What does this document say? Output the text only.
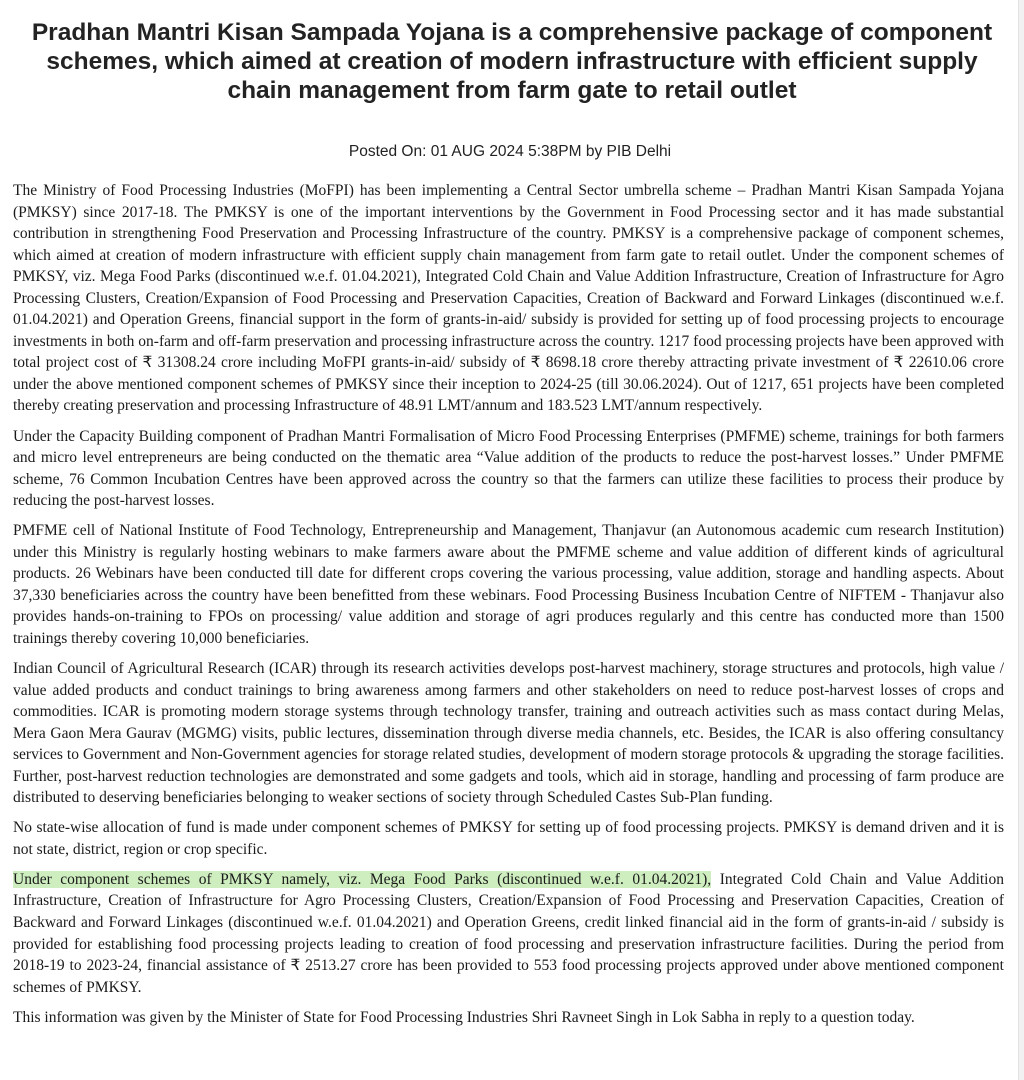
Pradhan Mantri Kisan Sampada Yojana is a comprehensive package of component schemes, which aimed at creation of modern infrastructure with efficient supply chain management from farm gate to retail outlet
Posted On: 01 AUG 2024 5:38PM by PIB Delhi

The Ministry of Food Processing Industries (MoFPI) has been implementing a Central Sector umbrella scheme – Pradhan Mantri Kisan Sampada Yojana (PMKSY) since 2017-18. The PMKSY is one of the important interventions by the Government in Food Processing sector and it has made substantial contribution in strengthening Food Preservation and Processing Infrastructure of the country. PMKSY is a comprehensive package of component schemes, which aimed at creation of modern infrastructure with efficient supply chain management from farm gate to retail outlet. Under the component schemes of PMKSY, viz. Mega Food Parks (discontinued w.e.f. 01.04.2021), Integrated Cold Chain and Value Addition Infrastructure, Creation of Infrastructure for Agro Processing Clusters, Creation/Expansion of Food Processing and Preservation Capacities, Creation of Backward and Forward Linkages (discontinued w.e.f. 01.04.2021) and Operation Greens, financial support in the form of grants-in-aid/ subsidy is provided for setting up of food processing projects to encourage investments in both on-farm and off-farm preservation and processing infrastructure across the country. 1217 food processing projects have been approved with total project cost of ₹ 31308.24 crore including MoFPI grants-in-aid/ subsidy of ₹ 8698.18 crore thereby attracting private investment of ₹ 22610.06 crore under the above mentioned component schemes of PMKSY since their inception to 2024-25 (till 30.06.2024). Out of 1217, 651 projects have been completed thereby creating preservation and processing Infrastructure of 48.91 LMT/annum and 183.523 LMT/annum respectively.

Under the Capacity Building component of Pradhan Mantri Formalisation of Micro Food Processing Enterprises (PMFME) scheme, trainings for both farmers and micro level entrepreneurs are being conducted on the thematic area “Value addition of the products to reduce the post-harvest losses.” Under PMFME scheme, 76 Common Incubation Centres have been approved across the country so that the farmers can utilize these facilities to process their produce by reducing the post-harvest losses.

PMFME cell of National Institute of Food Technology, Entrepreneurship and Management, Thanjavur (an Autonomous academic cum research Institution) under this Ministry is regularly hosting webinars to make farmers aware about the PMFME scheme and value addition of different kinds of agricultural products. 26 Webinars have been conducted till date for different crops covering the various processing, value addition, storage and handling aspects. About 37,330 beneficiaries across the country have been benefitted from these webinars. Food Processing Business Incubation Centre of NIFTEM - Thanjavur also provides hands-on-training to FPOs on processing/ value addition and storage of agri produces regularly and this centre has conducted more than 1500 trainings thereby covering 10,000 beneficiaries.

Indian Council of Agricultural Research (ICAR) through its research activities develops post-harvest machinery, storage structures and protocols, high value / value added products and conduct trainings to bring awareness among farmers and other stakeholders on need to reduce post-harvest losses of crops and commodities. ICAR is promoting modern storage systems through technology transfer, training and outreach activities such as mass contact during Melas, Mera Gaon Mera Gaurav (MGMG) visits, public lectures, dissemination through diverse media channels, etc. Besides, the ICAR is also offering consultancy services to Government and Non-Government agencies for storage related studies, development of modern storage protocols & upgrading the storage facilities. Further, post-harvest reduction technologies are demonstrated and some gadgets and tools, which aid in storage, handling and processing of farm produce are distributed to deserving beneficiaries belonging to weaker sections of society through Scheduled Castes Sub-Plan funding.

No state-wise allocation of fund is made under component schemes of PMKSY for setting up of food processing projects. PMKSY is demand driven and it is not state, district, region or crop specific.

Under component schemes of PMKSY namely, viz. Mega Food Parks (discontinued w.e.f. 01.04.2021), Integrated Cold Chain and Value Addition Infrastructure, Creation of Infrastructure for Agro Processing Clusters, Creation/Expansion of Food Processing and Preservation Capacities, Creation of Backward and Forward Linkages (discontinued w.e.f. 01.04.2021) and Operation Greens, credit linked financial aid in the form of grants-in-aid / subsidy is provided for establishing food processing projects leading to creation of food processing and preservation infrastructure facilities. During the period from 2018-19 to 2023-24, financial assistance of ₹ 2513.27 crore has been provided to 553 food processing projects approved under above mentioned component schemes of PMKSY.

This information was given by the Minister of State for Food Processing Industries Shri Ravneet Singh in Lok Sabha in reply to a question today.
